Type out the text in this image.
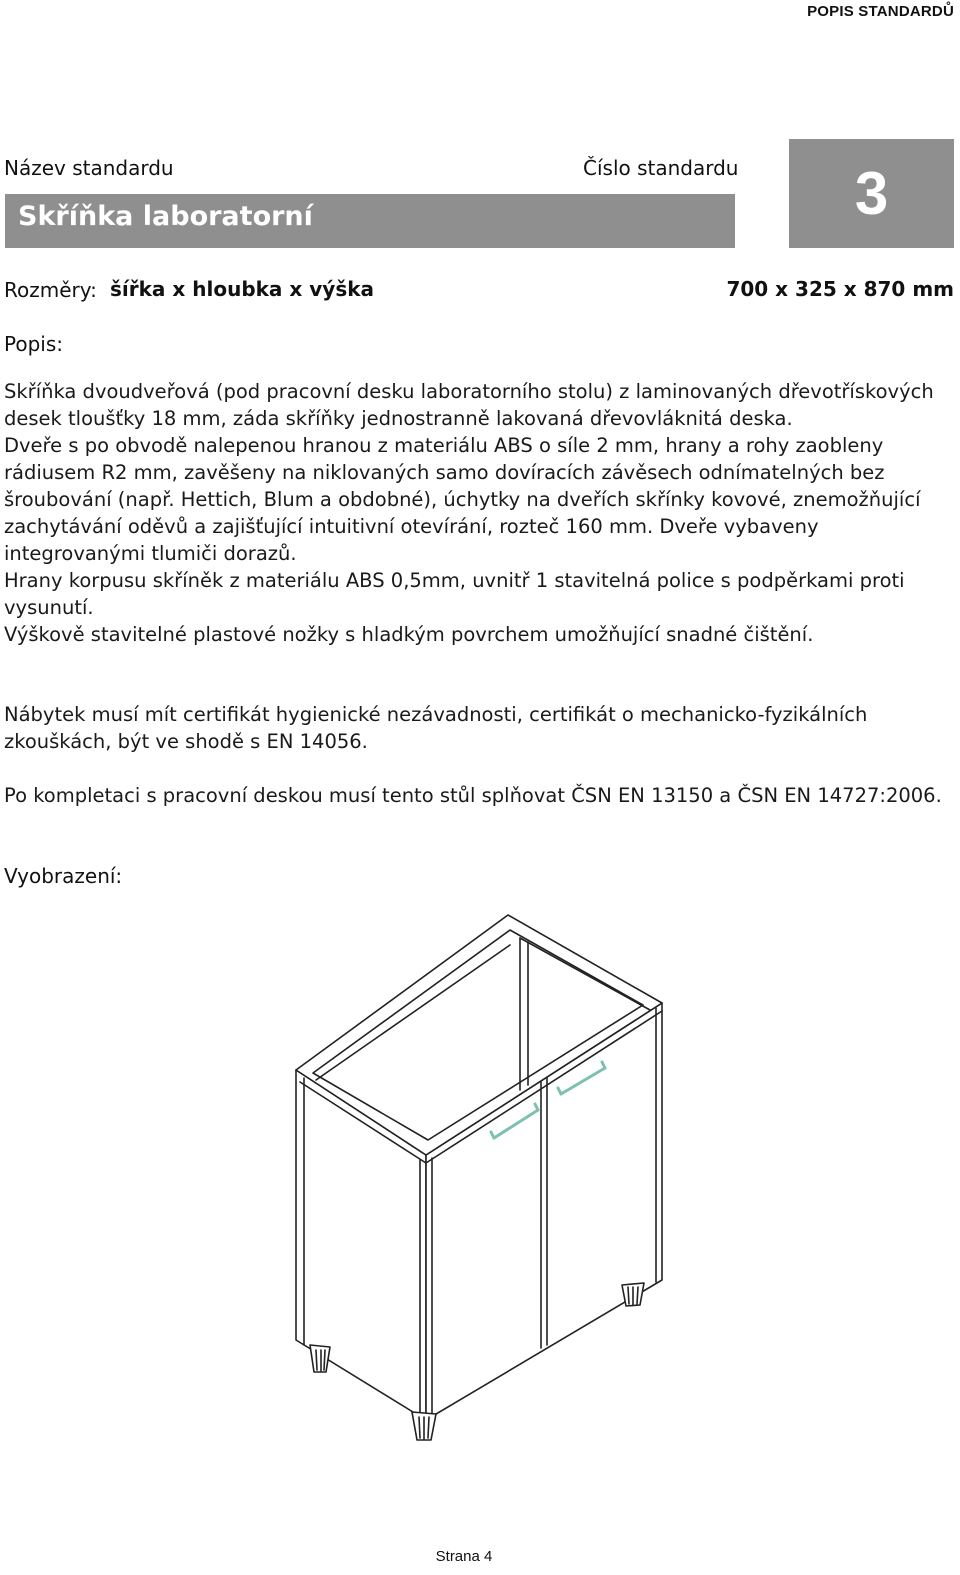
POPIS STANDARDŮ
Název standardu	Číslo standardu
Skříňka laboratorní	3
Rozměry: šířka x hloubka x výška	700 x 325 x 870 mm
Popis:
Skříňka dvoudveřová (pod pracovní desku laboratorního stolu) z laminovaných dřevotřískových desek tloušťky 18 mm, záda skříňky jednostranně lakovaná dřevovláknitá deska.
Dveře s po obvodě nalepenou hranou z materiálu ABS o síle 2 mm, hrany a rohy zaobleny rádiusem R2 mm, zavěšeny na niklovaných samo dovíracích závěsech odnímatelných bez šroubování (např. Hettich, Blum a obdobné), úchytky na dveřích skřínky kovové, znemožňující zachytávání oděvů a zajišťující intuitivní otevírání, rozteč 160 mm. Dveře vybaveny integrovanými tlumiči dorazů.
Hrany korpusu skříněk z materiálu ABS 0,5mm, uvnitř 1 stavitelná police s podpěrkami proti vysunutí.
Výškově stavitelné plastové nožky s hladkým povrchem umožňující snadné čištění.
Nábytek musí mít certifikát hygienické nezávadnosti, certifikát o mechanicko-fyzikálních zkouškách, být ve shodě s EN 14056.
Po kompletaci s pracovní deskou musí tento stůl splňovat ČSN EN 13150 a ČSN EN 14727:2006.
Vyobrazení:
Strana 4
